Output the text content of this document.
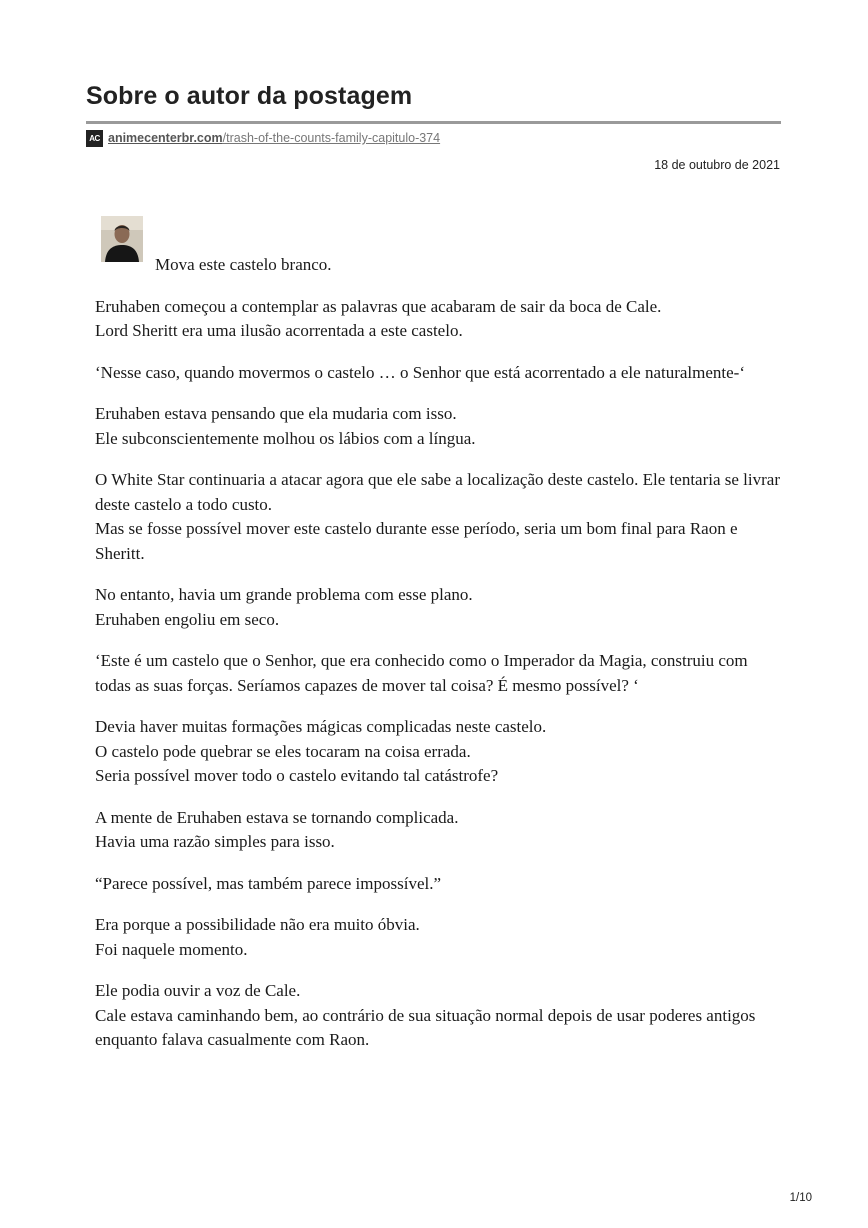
Sobre o autor da postagem
AC animecenterbr.com /trash-of-the-counts-family-capitulo-374
18 de outubro de 2021

Mova este castelo branco.

Eruhaben começou a contemplar as palavras que acabaram de sair da boca de Cale.
Lord Sheritt era uma ilusão acorrentada a este castelo.

‘Nesse caso, quando movermos o castelo … o Senhor que está acorrentado a ele naturalmente-‘

Eruhaben estava pensando que ela mudaria com isso.
Ele subconscientemente molhou os lábios com a língua.

O White Star continuaria a atacar agora que ele sabe a localização deste castelo. Ele tentaria se livrar deste castelo a todo custo.
Mas se fosse possível mover este castelo durante esse período, seria um bom final para Raon e Sheritt.

No entanto, havia um grande problema com esse plano.
Eruhaben engoliu em seco.

‘Este é um castelo que o Senhor, que era conhecido como o Imperador da Magia, construiu com todas as suas forças. Seríamos capazes de mover tal coisa? É mesmo possível? ‘

Devia haver muitas formações mágicas complicadas neste castelo.
O castelo pode quebrar se eles tocaram na coisa errada.
Seria possível mover todo o castelo evitando tal catástrofe?

A mente de Eruhaben estava se tornando complicada.
Havia uma razão simples para isso.

“Parece possível, mas também parece impossível.”

Era porque a possibilidade não era muito óbvia.
Foi naquele momento.

Ele podia ouvir a voz de Cale.
Cale estava caminhando bem, ao contrário de sua situação normal depois de usar poderes antigos enquanto falava casualmente com Raon.

1/10
